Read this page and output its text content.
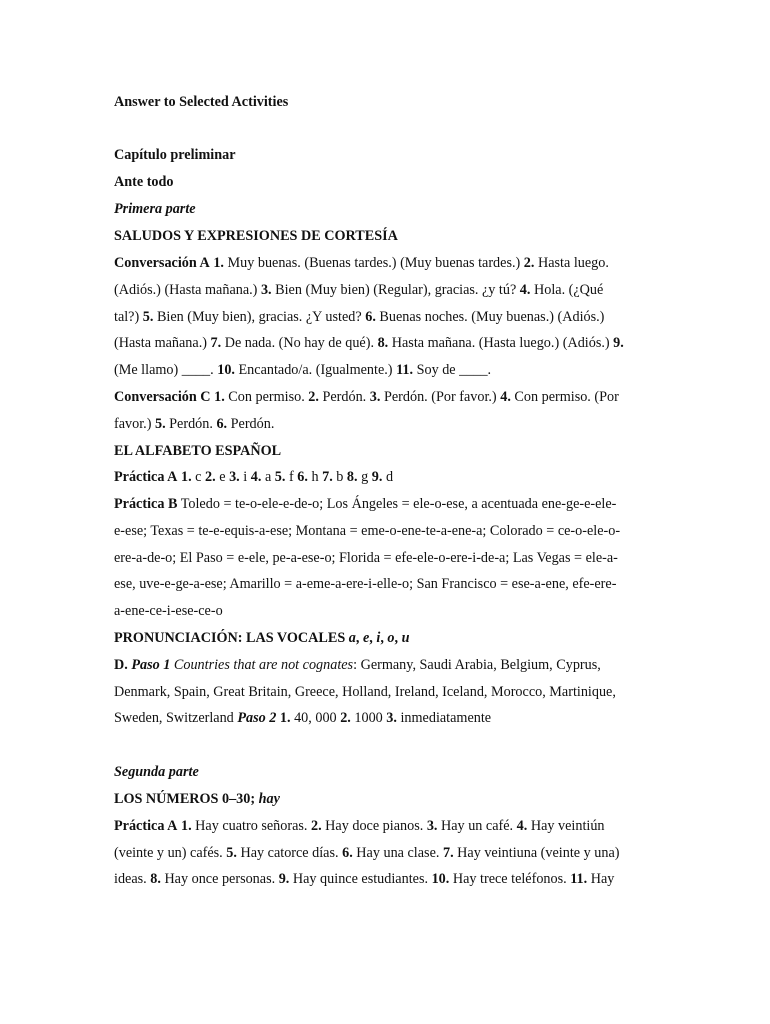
Answer to Selected Activities
Capítulo preliminar
Ante todo
Primera parte
SALUDOS Y EXPRESIONES DE CORTESÍA
Conversación A 1. Muy buenas. (Buenas tardes.) (Muy buenas tardes.) 2. Hasta luego.
(Adiós.) (Hasta mañana.) 3. Bien (Muy bien) (Regular), gracias. ¿y tú? 4. Hola. (¿Qué
tal?) 5. Bien (Muy bien), gracias. ¿Y usted? 6. Buenas noches. (Muy buenas.) (Adiós.)
(Hasta mañana.) 7. De nada. (No hay de qué). 8. Hasta mañana. (Hasta luego.) (Adiós.) 9.
(Me llamo) ____. 10. Encantado/a. (Igualmente.) 11. Soy de ____.
Conversación C 1. Con permiso. 2. Perdón. 3. Perdón. (Por favor.) 4. Con permiso. (Por
favor.) 5. Perdón. 6. Perdón.
EL ALFABETO ESPAÑOL
Práctica A 1. c 2. e 3. i 4. a 5. f 6. h 7. b 8. g 9. d
Práctica B Toledo = te-o-ele-e-de-o; Los Ángeles = ele-o-ese, a acentuada ene-ge-e-ele-
e-ese; Texas = te-e-equis-a-ese; Montana = eme-o-ene-te-a-ene-a; Colorado = ce-o-ele-o-
ere-a-de-o; El Paso = e-ele, pe-a-ese-o; Florida = efe-ele-o-ere-i-de-a; Las Vegas = ele-a-
ese, uve-e-ge-a-ese; Amarillo = a-eme-a-ere-i-elle-o; San Francisco = ese-a-ene, efe-ere-
a-ene-ce-i-ese-ce-o
PRONUNCIACIÓN: LAS VOCALES a, e, i, o, u
D. Paso 1 Countries that are not cognates: Germany, Saudi Arabia, Belgium, Cyprus,
Denmark, Spain, Great Britain, Greece, Holland, Ireland, Iceland, Morocco, Martinique,
Sweden, Switzerland Paso 2 1. 40, 000 2. 1000 3. inmediatamente
Segunda parte
LOS NÚMEROS 0–30; hay
Práctica A 1. Hay cuatro señoras. 2. Hay doce pianos. 3. Hay un café. 4. Hay veintiún
(veinte y un) cafés. 5. Hay catorce días. 6. Hay una clase. 7. Hay veintiuna (veinte y una)
ideas. 8. Hay once personas. 9. Hay quince estudiantes. 10. Hay trece teléfonos. 11. Hay
